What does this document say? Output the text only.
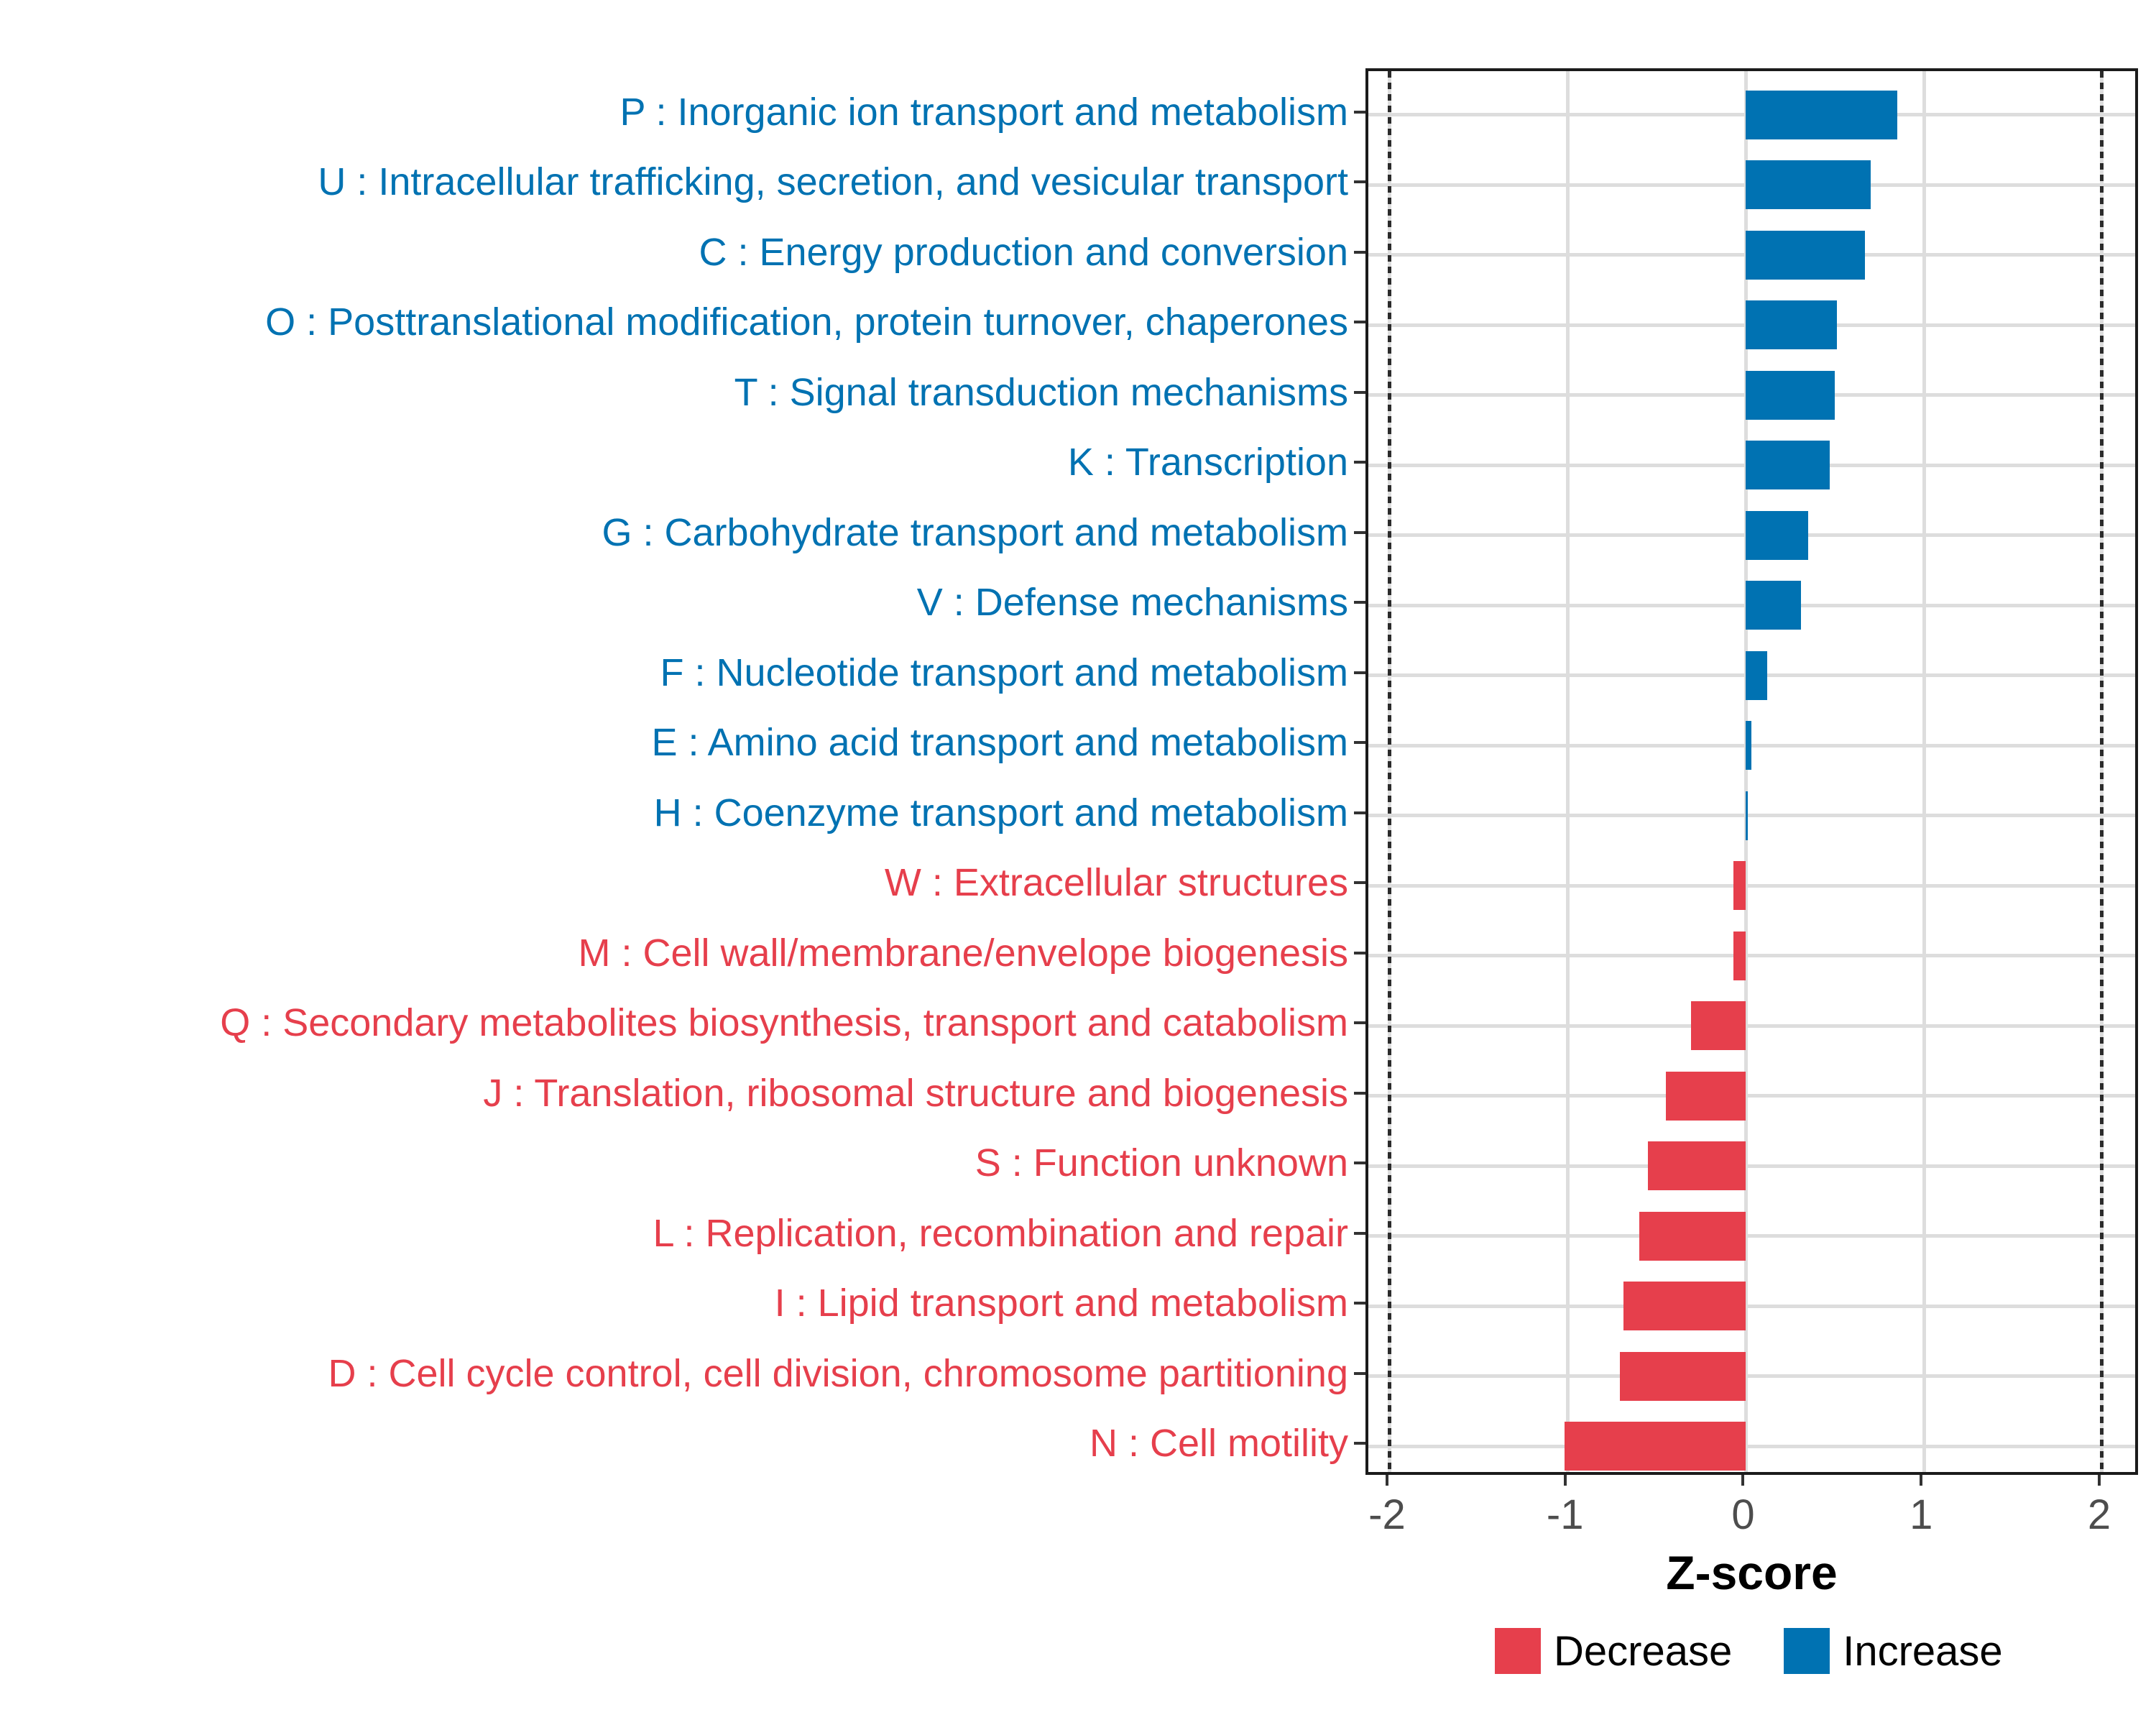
P : Inorganic ion transport and metabolism
U : Intracellular trafficking, secretion, and vesicular transport
C : Energy production and conversion
O : Posttranslational modification, protein turnover, chaperones
T : Signal transduction mechanisms
K : Transcription
G : Carbohydrate transport and metabolism
V : Defense mechanisms
F : Nucleotide transport and metabolism
E : Amino acid transport and metabolism
H : Coenzyme transport and metabolism
W : Extracellular structures
M : Cell wall/membrane/envelope biogenesis
Q : Secondary metabolites biosynthesis, transport and catabolism
J : Translation, ribosomal structure and biogenesis
S : Function unknown
L : Replication, recombination and repair
I : Lipid transport and metabolism
D : Cell cycle control, cell division, chromosome partitioning
N : Cell motility
-2	-1	0	1	2
Z-score
Decrease	Increase
